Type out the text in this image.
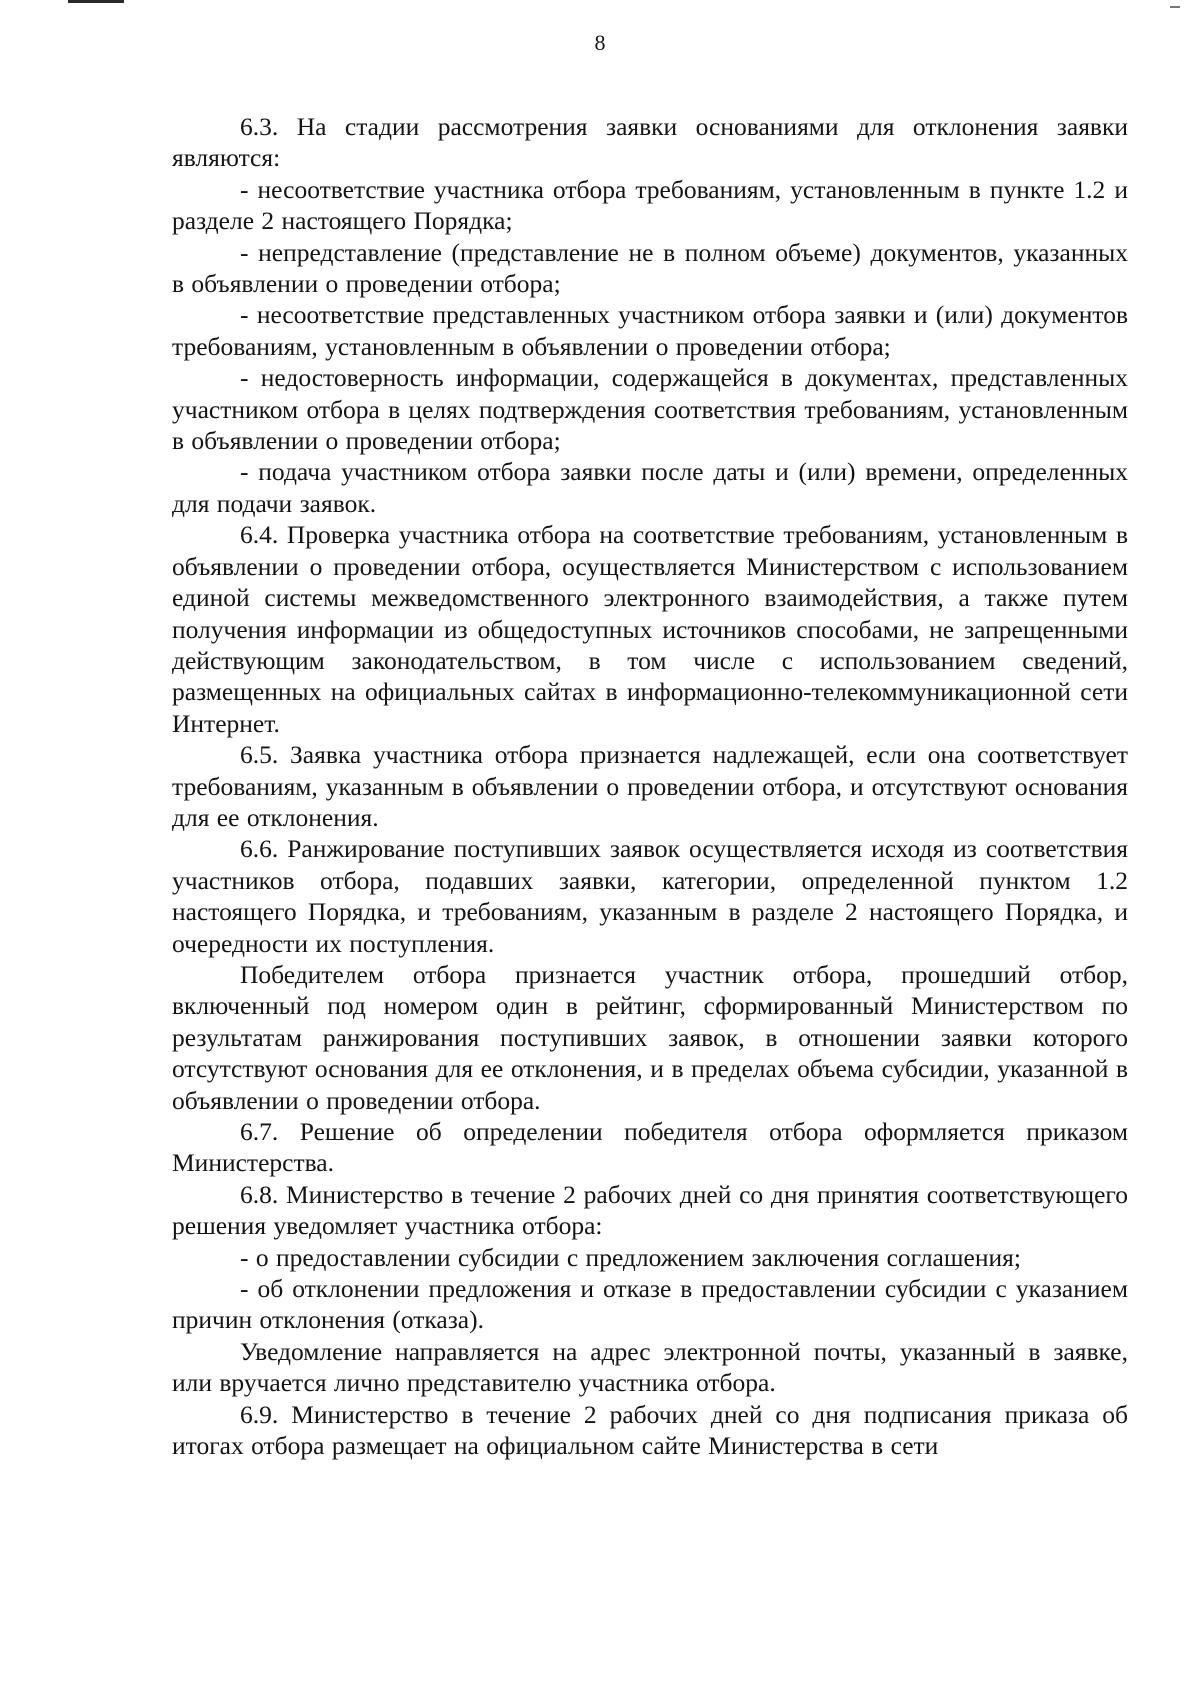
8

6.3. На стадии рассмотрения заявки основаниями для отклонения заявки являются:

- несоответствие участника отбора требованиям, установленным в пункте 1.2 и разделе 2 настоящего Порядка;

- непредставление (представление не в полном объеме) документов, указанных в объявлении о проведении отбора;

- несоответствие представленных участником отбора заявки и (или) документов требованиям, установленным в объявлении о проведении отбора;

- недостоверность информации, содержащейся в документах, представленных участником отбора в целях подтверждения соответствия требованиям, установленным в объявлении о проведении отбора;

- подача участником отбора заявки после даты и (или) времени, определенных для подачи заявок.

6.4. Проверка участника отбора на соответствие требованиям, установленным в объявлении о проведении отбора, осуществляется Министерством с использованием единой системы межведомственного электронного взаимодействия, а также путем получения информации из общедоступных источников способами, не запрещенными действующим законодательством, в том числе с использованием сведений, размещенных на официальных сайтах в информационно-телекоммуникационной сети Интернет.

6.5. Заявка участника отбора признается надлежащей, если она соответствует требованиям, указанным в объявлении о проведении отбора, и отсутствуют основания для ее отклонения.

6.6. Ранжирование поступивших заявок осуществляется исходя из соответствия участников отбора, подавших заявки, категории, определенной пунктом 1.2 настоящего Порядка, и требованиям, указанным в разделе 2 настоящего Порядка, и очередности их поступления.

Победителем отбора признается участник отбора, прошедший отбор, включенный под номером один в рейтинг, сформированный Министерством по результатам ранжирования поступивших заявок, в отношении заявки которого отсутствуют основания для ее отклонения, и в пределах объема субсидии, указанной в объявлении о проведении отбора.

6.7. Решение об определении победителя отбора оформляется приказом Министерства.

6.8. Министерство в течение 2 рабочих дней со дня принятия соответствующего решения уведомляет участника отбора:

- о предоставлении субсидии с предложением заключения соглашения;

- об отклонении предложения и отказе в предоставлении субсидии с указанием причин отклонения (отказа).

Уведомление направляется на адрес электронной почты, указанный в заявке, или вручается лично представителю участника отбора.

6.9. Министерство в течение 2 рабочих дней со дня подписания приказа об итогах отбора размещает на официальном сайте Министерства в сети
